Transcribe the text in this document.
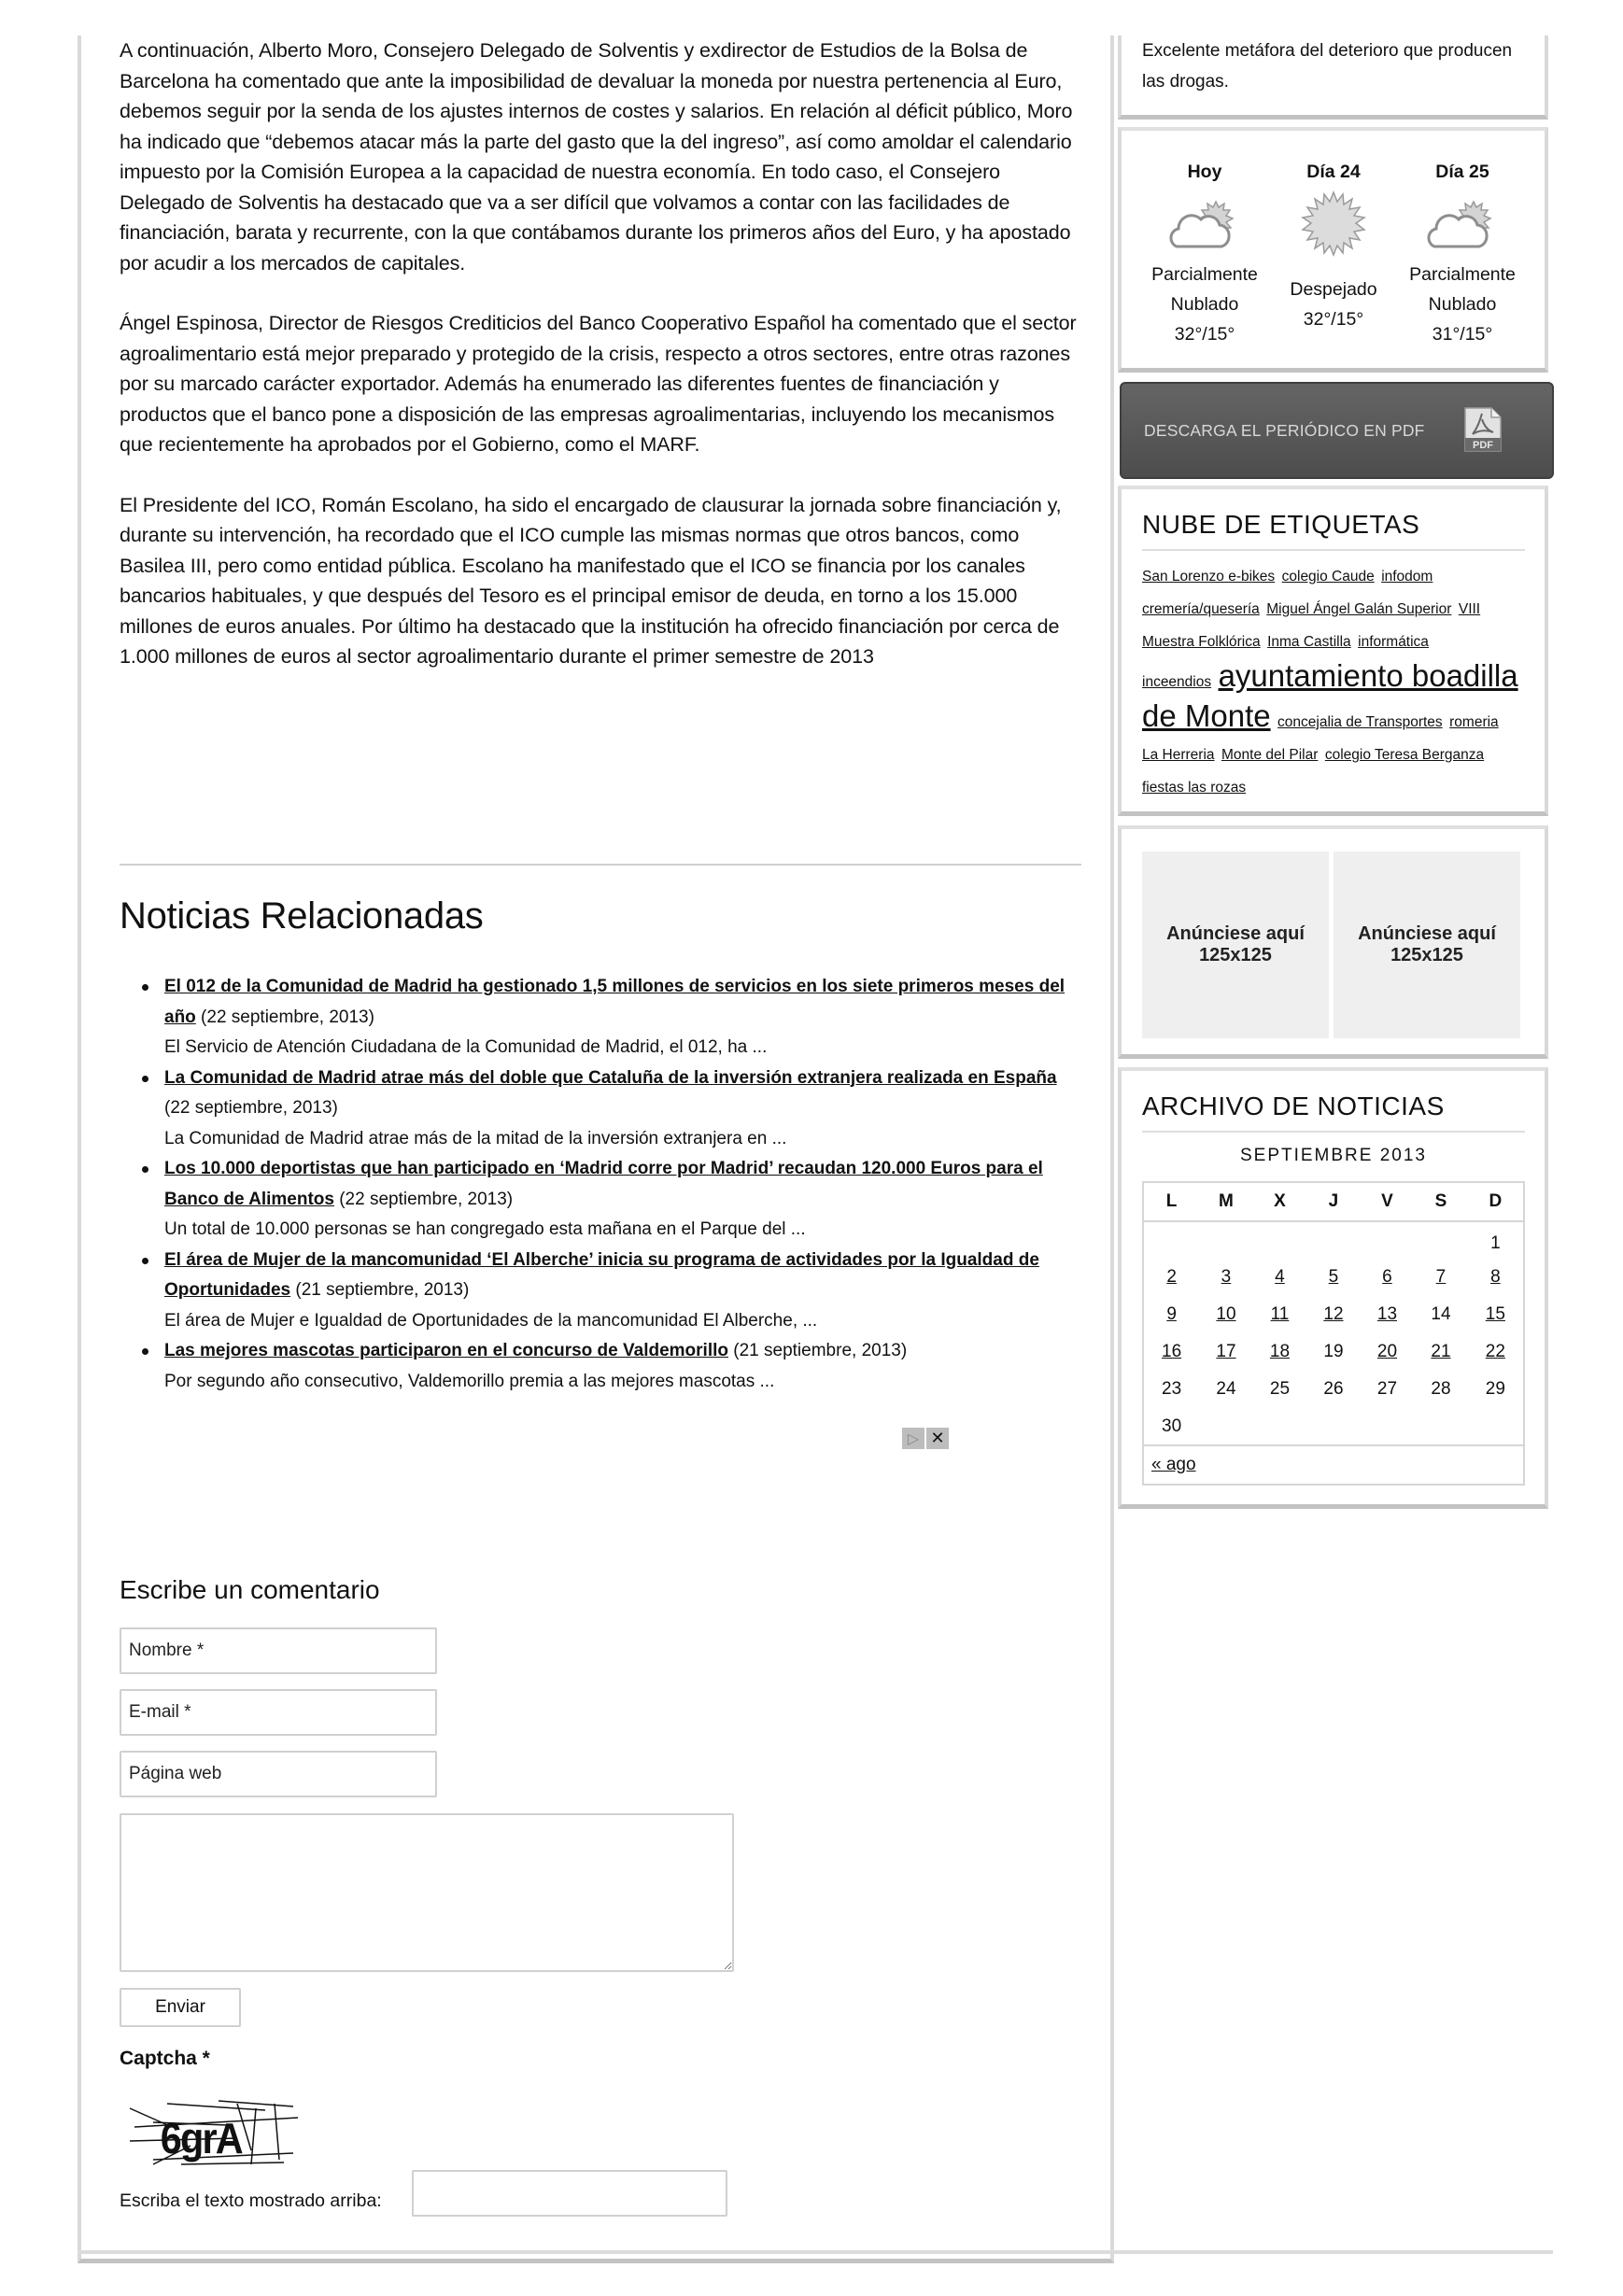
A continuación, Alberto Moro, Consejero Delegado de Solventis y exdirector de Estudios de la Bolsa de Barcelona ha comentado que ante la imposibilidad de devaluar la moneda por nuestra pertenencia al Euro, debemos seguir por la senda de los ajustes internos de costes y salarios. En relación al déficit público, Moro ha indicado que “debemos atacar más la parte del gasto que la del ingreso”, así como amoldar el calendario impuesto por la Comisión Europea a la capacidad de nuestra economía. En todo caso, el Consejero Delegado de Solventis ha destacado que va a ser difícil que volvamos a contar con las facilidades de financiación, barata y recurrente, con la que contábamos durante los primeros años del Euro, y ha apostado por acudir a los mercados de capitales.

Ángel Espinosa, Director de Riesgos Crediticios del Banco Cooperativo Español ha comentado que el sector agroalimentario está mejor preparado y protegido de la crisis, respecto a otros sectores, entre otras razones por su marcado carácter exportador. Además ha enumerado las diferentes fuentes de financiación y productos que el banco pone a disposición de las empresas agroalimentarias, incluyendo los mecanismos que recientemente ha aprobados por el Gobierno, como el MARF.

El Presidente del ICO, Román Escolano, ha sido el encargado de clausurar la jornada sobre financiación y, durante su intervención, ha recordado que el ICO cumple las mismas normas que otros bancos, como Basilea III, pero como entidad pública. Escolano ha manifestado que el ICO se financia por los canales bancarios habituales, y que después del Tesoro es el principal emisor de deuda, en torno a los 15.000 millones de euros anuales. Por último ha destacado que la institución ha ofrecido financiación por cerca de 1.000 millones de euros al sector agroalimentario durante el primer semestre de 2013

Noticias Relacionadas
El 012 de la Comunidad de Madrid ha gestionado 1,5 millones de servicios en los siete primeros meses del año (22 septiembre, 2013)
El Servicio de Atención Ciudadana de la Comunidad de Madrid, el 012, ha ...
La Comunidad de Madrid atrae más del doble que Cataluña de la inversión extranjera realizada en España (22 septiembre, 2013)
La Comunidad de Madrid atrae más de la mitad de la inversión extranjera en ...
Los 10.000 deportistas que han participado en ‘Madrid corre por Madrid’ recaudan 120.000 Euros para el Banco de Alimentos (22 septiembre, 2013)
Un total de 10.000 personas se han congregado esta mañana en el Parque del ...
El área de Mujer de la mancomunidad ‘El Alberche’ inicia su programa de actividades por la Igualdad de Oportunidades (21 septiembre, 2013)
El área de Mujer e Igualdad de Oportunidades de la mancomunidad El Alberche, ...
Las mejores mascotas participaron en el concurso de Valdemorillo (21 septiembre, 2013)
Por segundo año consecutivo, Valdemorillo premia a las mejores mascotas ...
▷ ✕
Escribe un comentario
Nombre *
E-mail *
Página web
Enviar
Captcha *
6grA
Escriba el texto mostrado arriba:
Excelente metáfora del deterioro que producen las drogas.
Hoy
Parcialmente
Nublado
32°/15°
Día 24
Despejado
32°/15°
Día 25
Parcialmente
Nublado
31°/15°
DESCARGA EL PERIÓDICO EN PDF
PDF
NUBE DE ETIQUETAS
San Lorenzo e-bikes colegio Caude infodom
cremería/quesería Miguel Ángel Galán Superior VIII
Muestra Folklórica Inma Castilla informática
inceendios ayuntamiento boadilla de Monte concejalia de Transportes romeria
La Herreria Monte del Pilar colegio Teresa Berganza
fiestas las rozas
Anúnciese aquí
125x125
Anúnciese aquí
125x125
ARCHIVO DE NOTICIAS
SEPTIEMBRE 2013
L	M	X	J	V	S	D
						1
2	3	4	5	6	7	8
9	10	11	12	13	14	15
16	17	18	19	20	21	22
23	24	25	26	27	28	29
30						
« ago						
